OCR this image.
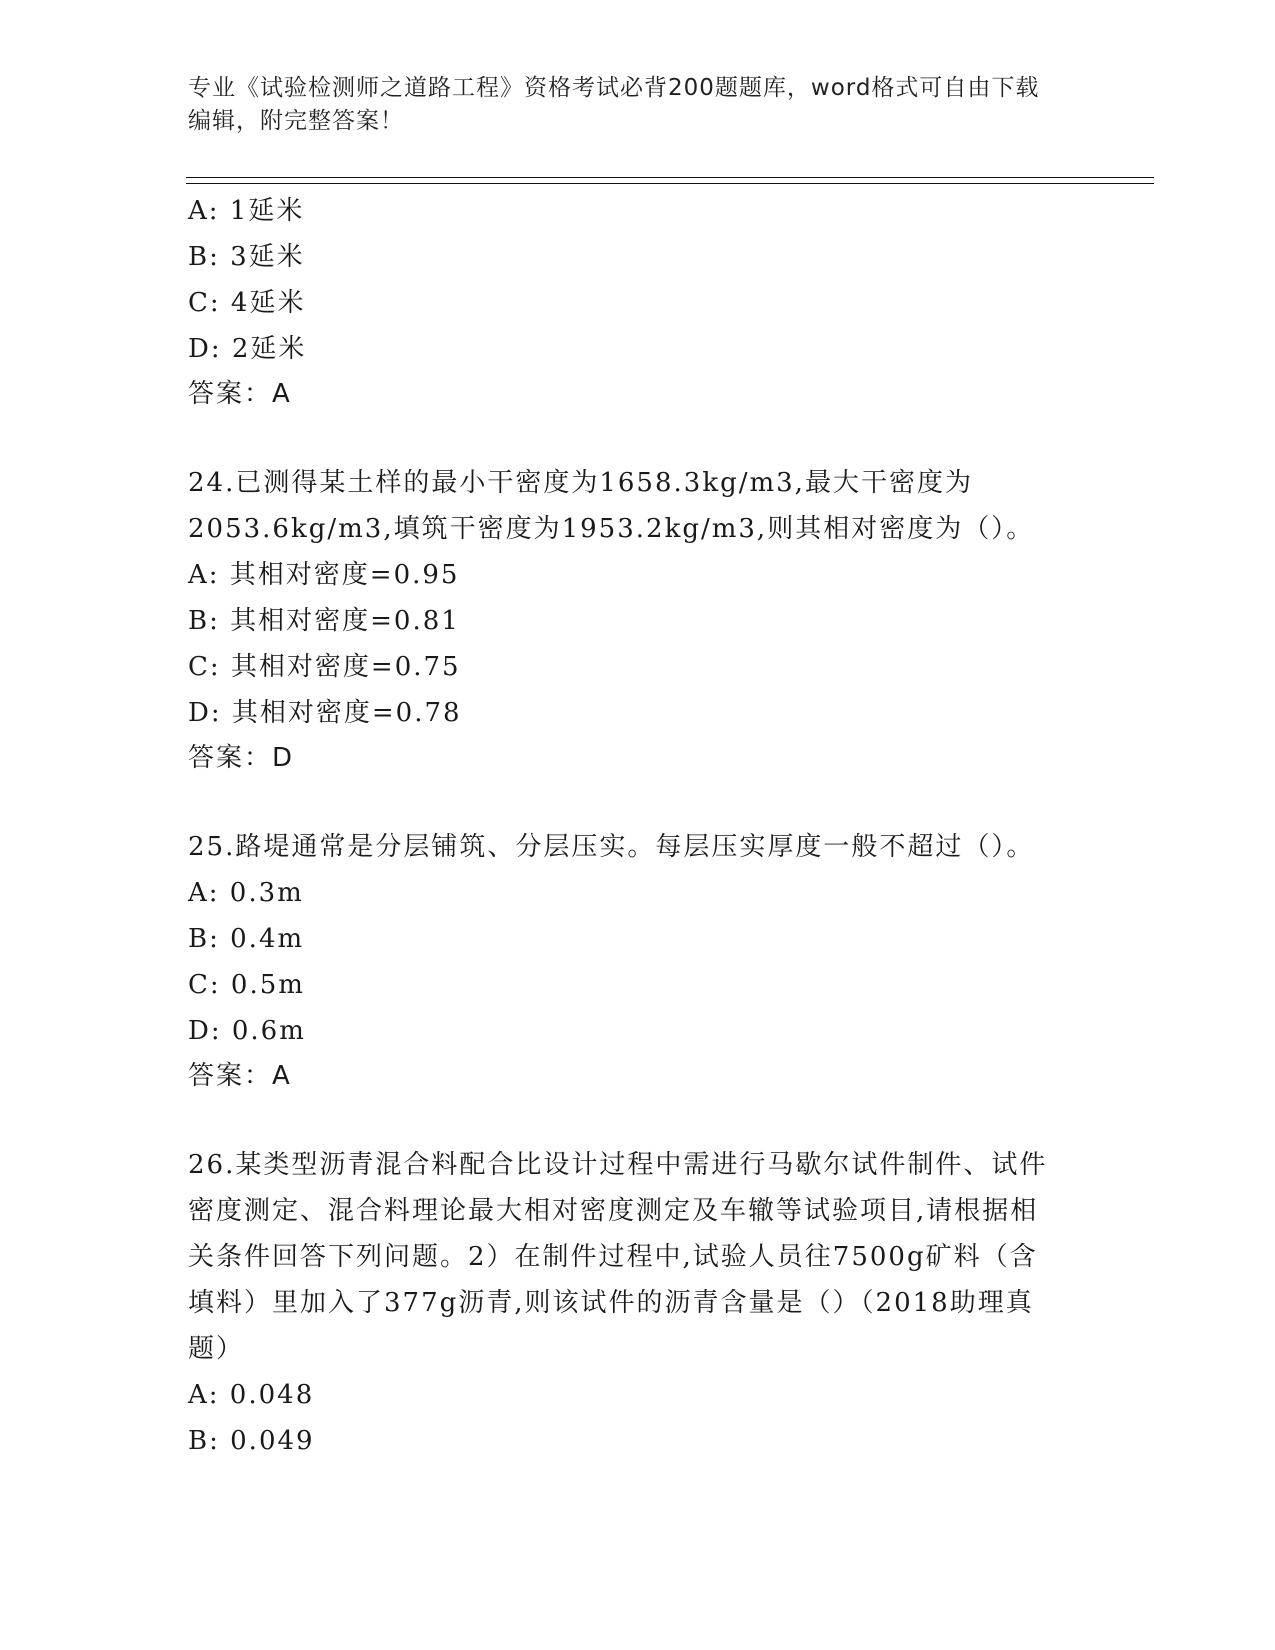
专业《试验检测师之道路工程》资格考试必背200题题库，word格式可自由下载
编辑，附完整答案！
A: 1延米
B: 3延米
C: 4延米
D: 2延米
答案：A
24.已测得某土样的最小干密度为1658.3kg/m3,最大干密度为
2053.6kg/m3,填筑干密度为1953.2kg/m3,则其相对密度为（）。
A: 其相对密度=0.95
B: 其相对密度=0.81
C: 其相对密度=0.75
D: 其相对密度=0.78
答案：D
25.路堤通常是分层铺筑、分层压实。每层压实厚度一般不超过（）。
A: 0.3m
B: 0.4m
C: 0.5m
D: 0.6m
答案：A
26.某类型沥青混合料配合比设计过程中需进行马歇尔试件制件、试件
密度测定、混合料理论最大相对密度测定及车辙等试验项目,请根据相
关条件回答下列问题。2）在制件过程中,试验人员往7500g矿料（含
填料）里加入了377g沥青,则该试件的沥青含量是（）（2018助理真
题）
A: 0.048
B: 0.049
